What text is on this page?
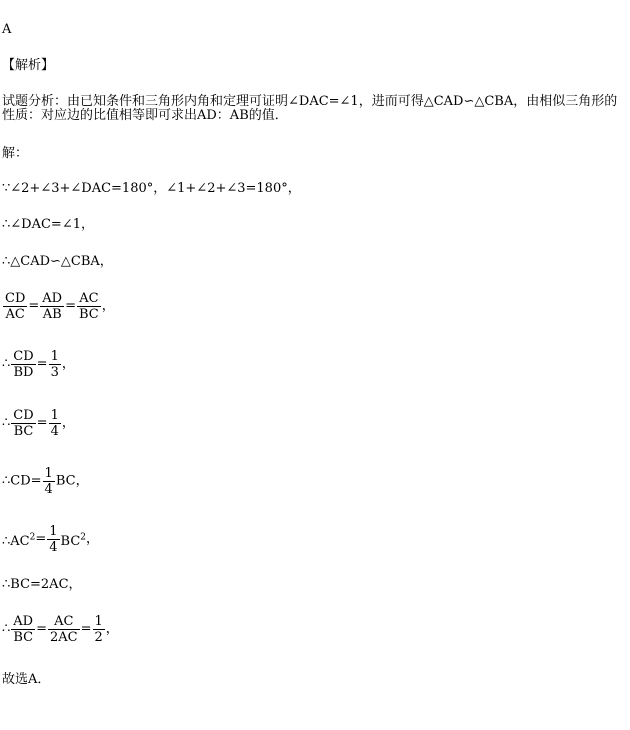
A
【解析】
试题分析：由已知条件和三角形内角和定理可证明∠DAC=∠1，进而可得△CAD∽△CBA，由相似三角形的性质：对应边的比值相等即可求出AD：AB的值．
解：
∵∠2+∠3+∠DAC=180°，∠1+∠2+∠3=180°，
∴∠DAC=∠1，
∴△CAD∽△CBA，
$\frac{CD}{AC} = \frac{AD}{AB} = \frac{AC}{BC}$ ，
∴ $\frac{CD}{BD} = \frac{1}{3}$ ，
∴ $\frac{CD}{BC} = \frac{1}{4}$ ，
∴CD= $\frac{1}{4}$ BC，
$\therefore AC^2= \frac{1}{4} BC^2$，
∴BC=2AC，
∴ $\frac{AD}{BC} = \frac{AC}{2AC} = \frac{1}{2}$ ，
故选A．
